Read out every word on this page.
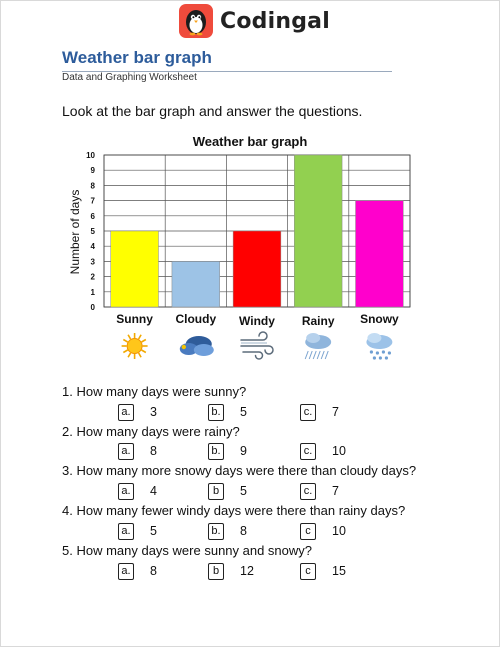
Codingal
Weather bar graph
Data and Graphing Worksheet
Look at the bar graph and answer the questions.
Weather bar graph
0
1
2
3
4
5
6
7
8
9
10
Sunny Cloudy Windy Rainy Snowy
Number of days
1. How many days were sunny?
a. 3	b. 5	c. 7
2. How many days were rainy?
a. 8	b. 9	c. 10
3. How many more snowy days were there than cloudy days?
a. 4	b	5	c. 7
4. How many fewer windy days were there than rainy days?
a. 5	b. 8	c	10
5. How many days were sunny and snowy?
a. 8	b	12	c	15
